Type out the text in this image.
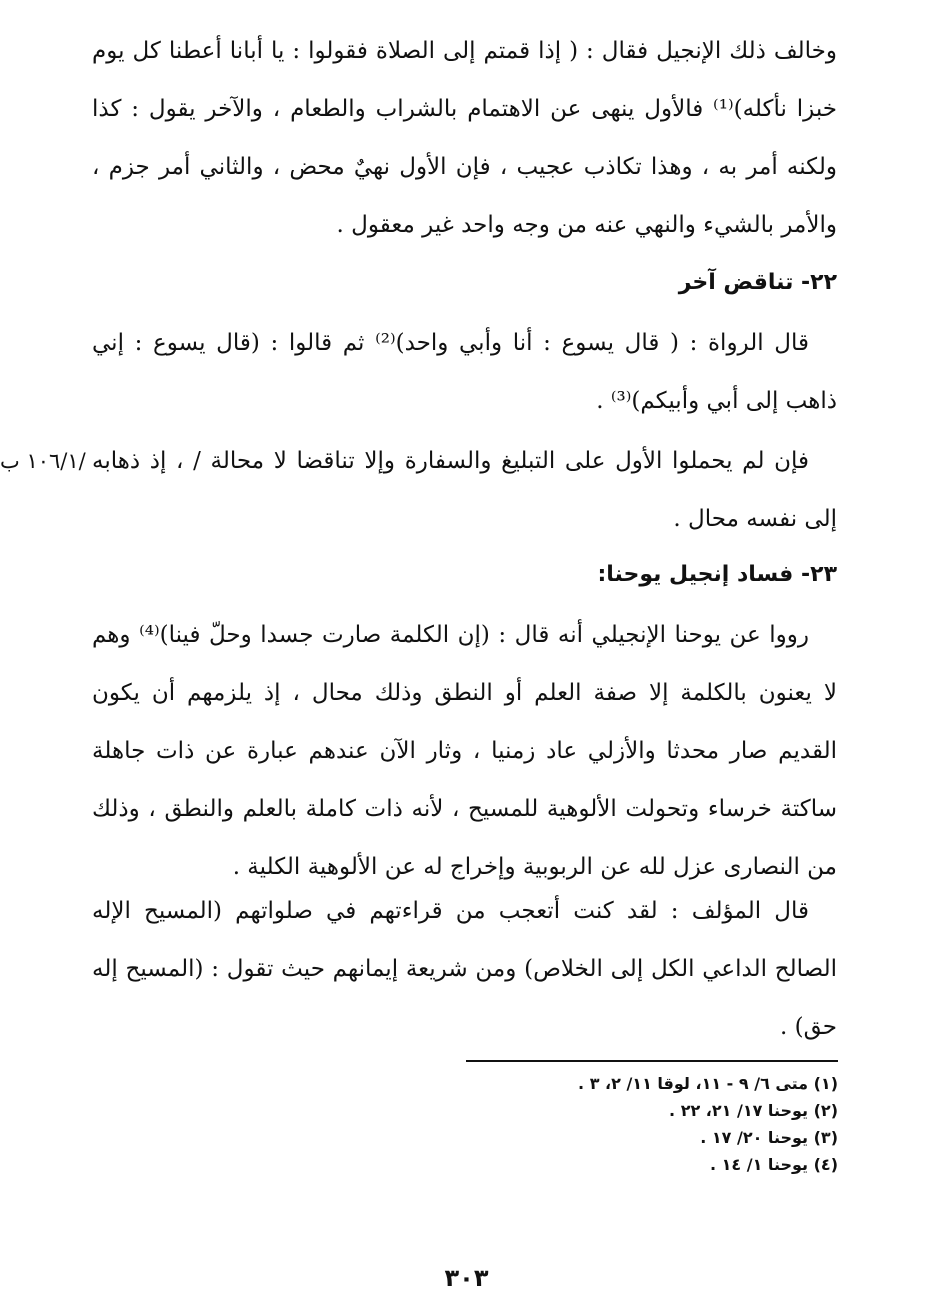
وخالف ذلك الإنجيل فقال : ( إذا قمتم إلى الصلاة فقولوا : يا أبانا أعطنا كل يوم خبزا نأكله)⁽¹⁾ فالأول ينهى عن الاهتمام بالشراب والطعام ، والآخر يقول : كذا ولكنه أمر به ، وهذا تكاذب عجيب ، فإن الأول نهيٌ محض ، والثاني أمر جزم ، والأمر بالشيء والنهي عنه من وجه واحد غير معقول .

٢٢- تناقض آخر

قال الرواة : ( قال يسوع : أنا وأبي واحد)⁽²⁾ ثم قالوا : (قال يسوع : إني ذاهب إلى أبي وأبيكم)⁽³⁾ .

فإن لم يحملوا الأول على التبليغ والسفارة وإلا تناقضا لا محالة / ، إذ ذهابه إلى نفسه محال .

/١٠٦/١ ب
٢٣- فساد إنجيل يوحنا:

رووا عن يوحنا الإنجيلي أنه قال : (إن الكلمة صارت جسدا وحلّ فينا)⁽⁴⁾ وهم لا يعنون بالكلمة إلا صفة العلم أو النطق وذلك محال ، إذ يلزمهم أن يكون القديم صار محدثا والأزلي عاد زمنيا ، وثار الآن عندهم عبارة عن ذات جاهلة ساكتة خرساء وتحولت الألوهية للمسيح ، لأنه ذات كاملة بالعلم والنطق ، وذلك من النصارى عزل لله عن الربوبية وإخراج له عن الألوهية الكلية .

قال المؤلف : لقد كنت أتعجب من قراءتهم في صلواتهم (المسيح الإله الصالح الداعي الكل إلى الخلاص) ومن شريعة إيمانهم حيث تقول : (المسيح إله حق) .

(١) متى ٦/ ٩ - ١١، لوقا ١١/ ٢، ٣ .
(٢) يوحنا ١٧/ ٢١، ٢٢ .
(٣) يوحنا ٢٠/ ١٧ .
(٤) يوحنا ١/ ١٤ .
٣٠٣
